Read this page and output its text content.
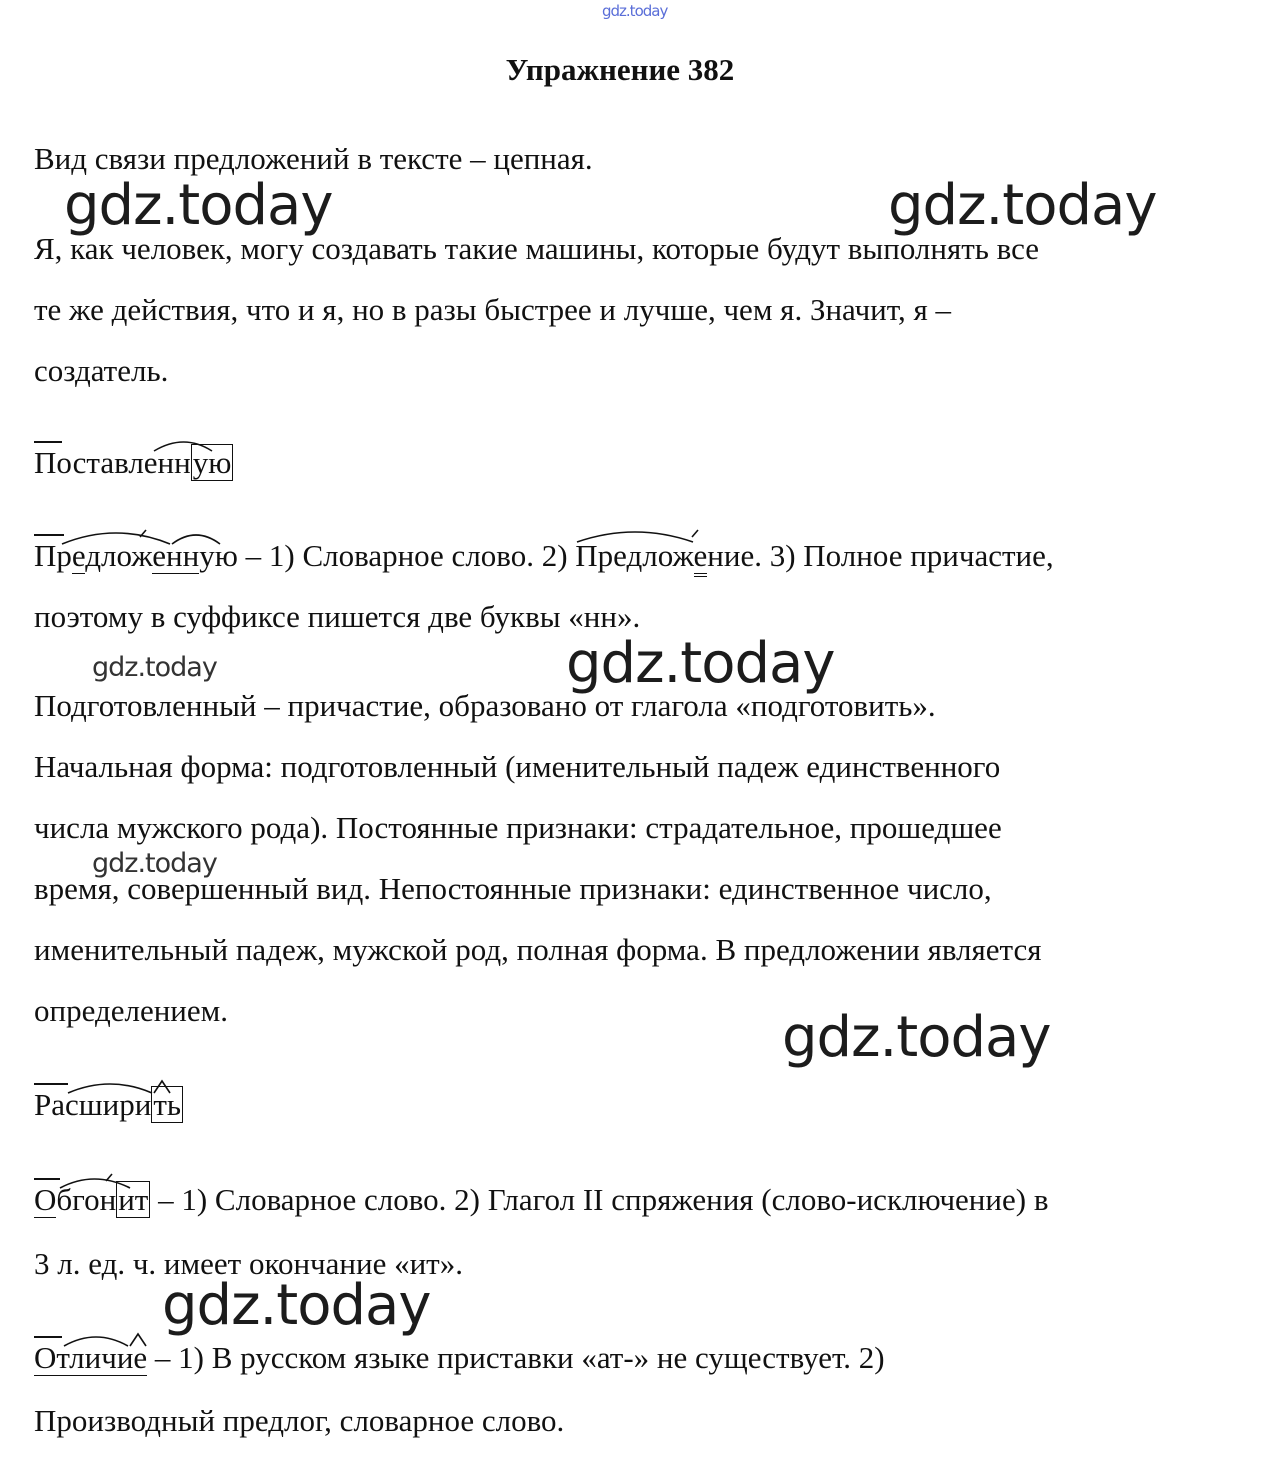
gdz.today
gdz.today	gdz.today
gdz.today
gdz.today
gdz.today
gdz.today
gdz.today
Упражнение 382
Вид связи предложений в тексте – цепная.
Я, как человек, могу создавать такие машины, которые будут выполнять все
те же действия, что и я, но в разы быстрее и лучше, чем я. Значит, я –
создатель.
Поставленную
Предложенную
– 1) Словарное слово. 2) Предложе
ние. 3) Полное причастие,
поэтому в суффиксе пишется две буквы «нн».
Подготовленный – причастие, образовано от глагола «подготовить».
Начальная форма: подготовленный (именительный падеж единственного
числа мужского рода). Постоянные признаки: страдательное, прошедшее
время, совершенный вид. Непостоянные признаки: единственное число,
именительный падеж, мужской род, полная форма. В предложении является
определением.
Расширить
Обгонит
– 1) Словарное слово. 2) Глагол II спряжения (слово-исключение) в
3 л. ед. ч. имеет окончание «ит».
Отличие
– 1) В русском языке приставки «ат-» не существует. 2)
Производный предлог, словарное слово.
